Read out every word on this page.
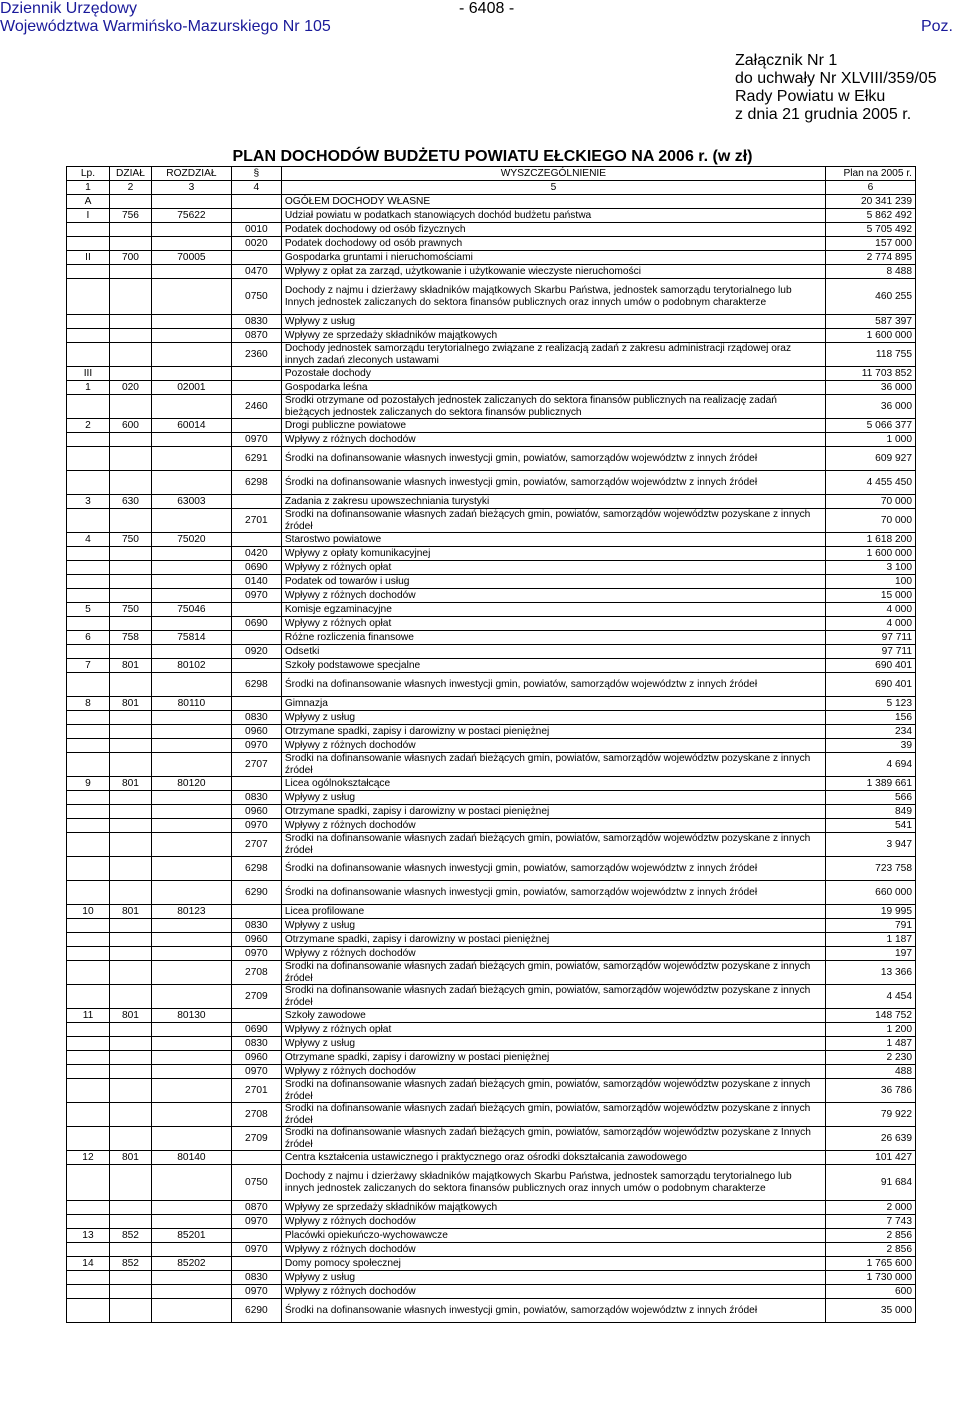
Dziennik Urzędowy
Województwa Warmińsko-Mazurskiego Nr 105
- 6408 -
Poz.
Załącznik Nr 1
do uchwały Nr XLVIII/359/05
Rady Powiatu w Ełku
z dnia 21 grudnia 2005 r.
PLAN DOCHODÓW BUDŻETU POWIATU EŁCKIEGO NA 2006 r. (w zł)
Lp.	DZIAŁ	ROZDZIAŁ	§	WYSZCZEGÓLNIENIE	Plan na 2005 r.
1	2	3	4	5	6
A				OGÓŁEM DOCHODY WŁASNE	20 341 239
I	756	75622		Udział powiatu w podatkach stanowiących dochód budżetu państwa	5 862 492
			0010	Podatek dochodowy od osób fizycznych	5 705 492
			0020	Podatek dochodowy od osób prawnych	157 000
II	700	70005		Gospodarka gruntami i nieruchomościami	2 774 895
			0470	Wpływy z opłat za zarząd, użytkowanie i użytkowanie wieczyste nieruchomości	8 488
			0750	Dochody z najmu i dzierżawy składników majątkowych Skarbu Państwa, jednostek samorządu terytorialnego lub Innych jednostek zaliczanych do sektora finansów publicznych oraz innych umów o podobnym charakterze	460 255
			0830	Wpływy z usług	587 397
			0870	Wpływy ze sprzedaży składników majątkowych	1 600 000
			2360	Dochody jednostek samorządu terytorialnego związane z realizacją zadań z zakresu administracji rządowej oraz innych zadań zleconych ustawami	118 755
III				Pozostałe dochody	11 703 852
1	020	02001		Gospodarka leśna	36 000
			2460	Środki otrzymane od pozostałych jednostek zaliczanych do sektora finansów publicznych na realizację zadań bieżących jednostek zaliczanych do sektora finansów publicznych	36 000
2	600	60014		Drogi publiczne powiatowe	5 066 377
			0970	Wpływy z różnych dochodów	1 000
			6291	Środki na dofinansowanie własnych inwestycji gmin, powiatów, samorządów województw z innych źródeł	609 927
			6298	Środki na dofinansowanie własnych inwestycji gmin, powiatów, samorządów województw z innych źródeł	4 455 450
3	630	63003		Zadania z zakresu upowszechniania turystyki	70 000
			2701	Środki na dofinansowanie własnych zadań bieżących gmin, powiatów, samorządów województw pozyskane z innych źródeł	70 000
4	750	75020		Starostwo powiatowe	1 618 200
			0420	Wpływy z opłaty komunikacyjnej	1 600 000
			0690	Wpływy z różnych opłat	3 100
			0140	Podatek od towarów i usług	100
			0970	Wpływy z różnych dochodów	15 000
5	750	75046		Komisje egzaminacyjne	4 000
			0690	Wpływy z różnych opłat	4 000
6	758	75814		Różne rozliczenia finansowe	97 711
			0920	Odsetki	97 711
7	801	80102		Szkoły podstawowe specjalne	690 401
			6298	Środki na dofinansowanie własnych inwestycji gmin, powiatów, samorządów województw z innych źródeł	690 401
8	801	80110		Gimnazja	5 123
			0830	Wpływy z usług	156
			0960	Otrzymane spadki, zapisy i darowizny w postaci pieniężnej	234
			0970	Wpływy z różnych dochodów	39
			2707	Środki na dofinansowanie własnych zadań bieżących gmin, powiatów, samorządów województw pozyskane z innych źródeł	4 694
9	801	80120		Licea ogólnokształcące	1 389 661
			0830	Wpływy z usług	566
			0960	Otrzymane spadki, zapisy i darowizny w postaci pieniężnej	849
			0970	Wpływy z różnych dochodów	541
			2707	Środki na dofinansowanie własnych zadań bieżących gmin, powiatów, samorządów województw pozyskane z innych źródeł	3 947
			6298	Środki na dofinansowanie własnych inwestycji gmin, powiatów, samorządów województw z innych źródeł	723 758
			6290	Środki na dofinansowanie własnych inwestycji gmin, powiatów, samorządów województw z innych źródeł	660 000
10	801	80123		Licea profilowane	19 995
			0830	Wpływy z usług	791
			0960	Otrzymane spadki, zapisy i darowizny w postaci pieniężnej	1 187
			0970	Wpływy z różnych dochodów	197
			2708	Środki na dofinansowanie własnych zadań bieżących gmin, powiatów, samorządów województw pozyskane z innych źródeł	13 366
			2709	Środki na dofinansowanie własnych zadań bieżących gmin, powiatów, samorządów województw pozyskane z innych źródeł	4 454
11	801	80130		Szkoły zawodowe	148 752
			0690	Wpływy z różnych opłat	1 200
			0830	Wpływy z usług	1 487
			0960	Otrzymane spadki, zapisy i darowizny w postaci pieniężnej	2 230
			0970	Wpływy z różnych dochodów	488
			2701	Środki na dofinansowanie własnych zadań bieżących gmin, powiatów, samorządów województw pozyskane z innych źródeł	36 786
			2708	Środki na dofinansowanie własnych zadań bieżących gmin, powiatów, samorządów województw pozyskane z innych źródeł	79 922
			2709	Środki na dofinansowanie własnych zadań bieżących gmin, powiatów, samorządów województw pozyskane z Innych źródeł	26 639
12	801	80140		Centra kształcenia ustawicznego i praktycznego oraz ośrodki dokształcania zawodowego	101 427
			0750	Dochody z najmu i dzierżawy składników majątkowych Skarbu Państwa, jednostek samorządu terytorialnego lub innych jednostek zaliczanych do sektora finansów publicznych oraz innych umów o podobnym charakterze	91 684
			0870	Wpływy ze sprzedaży składników majątkowych	2 000
			0970	Wpływy z różnych dochodów	7 743
13	852	85201		Placówki opiekuńczo-wychowawcze	2 856
			0970	Wpływy z różnych dochodów	2 856
14	852	85202		Domy pomocy społecznej	1 765 600
			0830	Wpływy z usług	1 730 000
			0970	Wpływy z różnych dochodów	600
			6290	Środki na dofinansowanie własnych inwestycji gmin, powiatów, samorządów województw z innych źródeł	35 000
